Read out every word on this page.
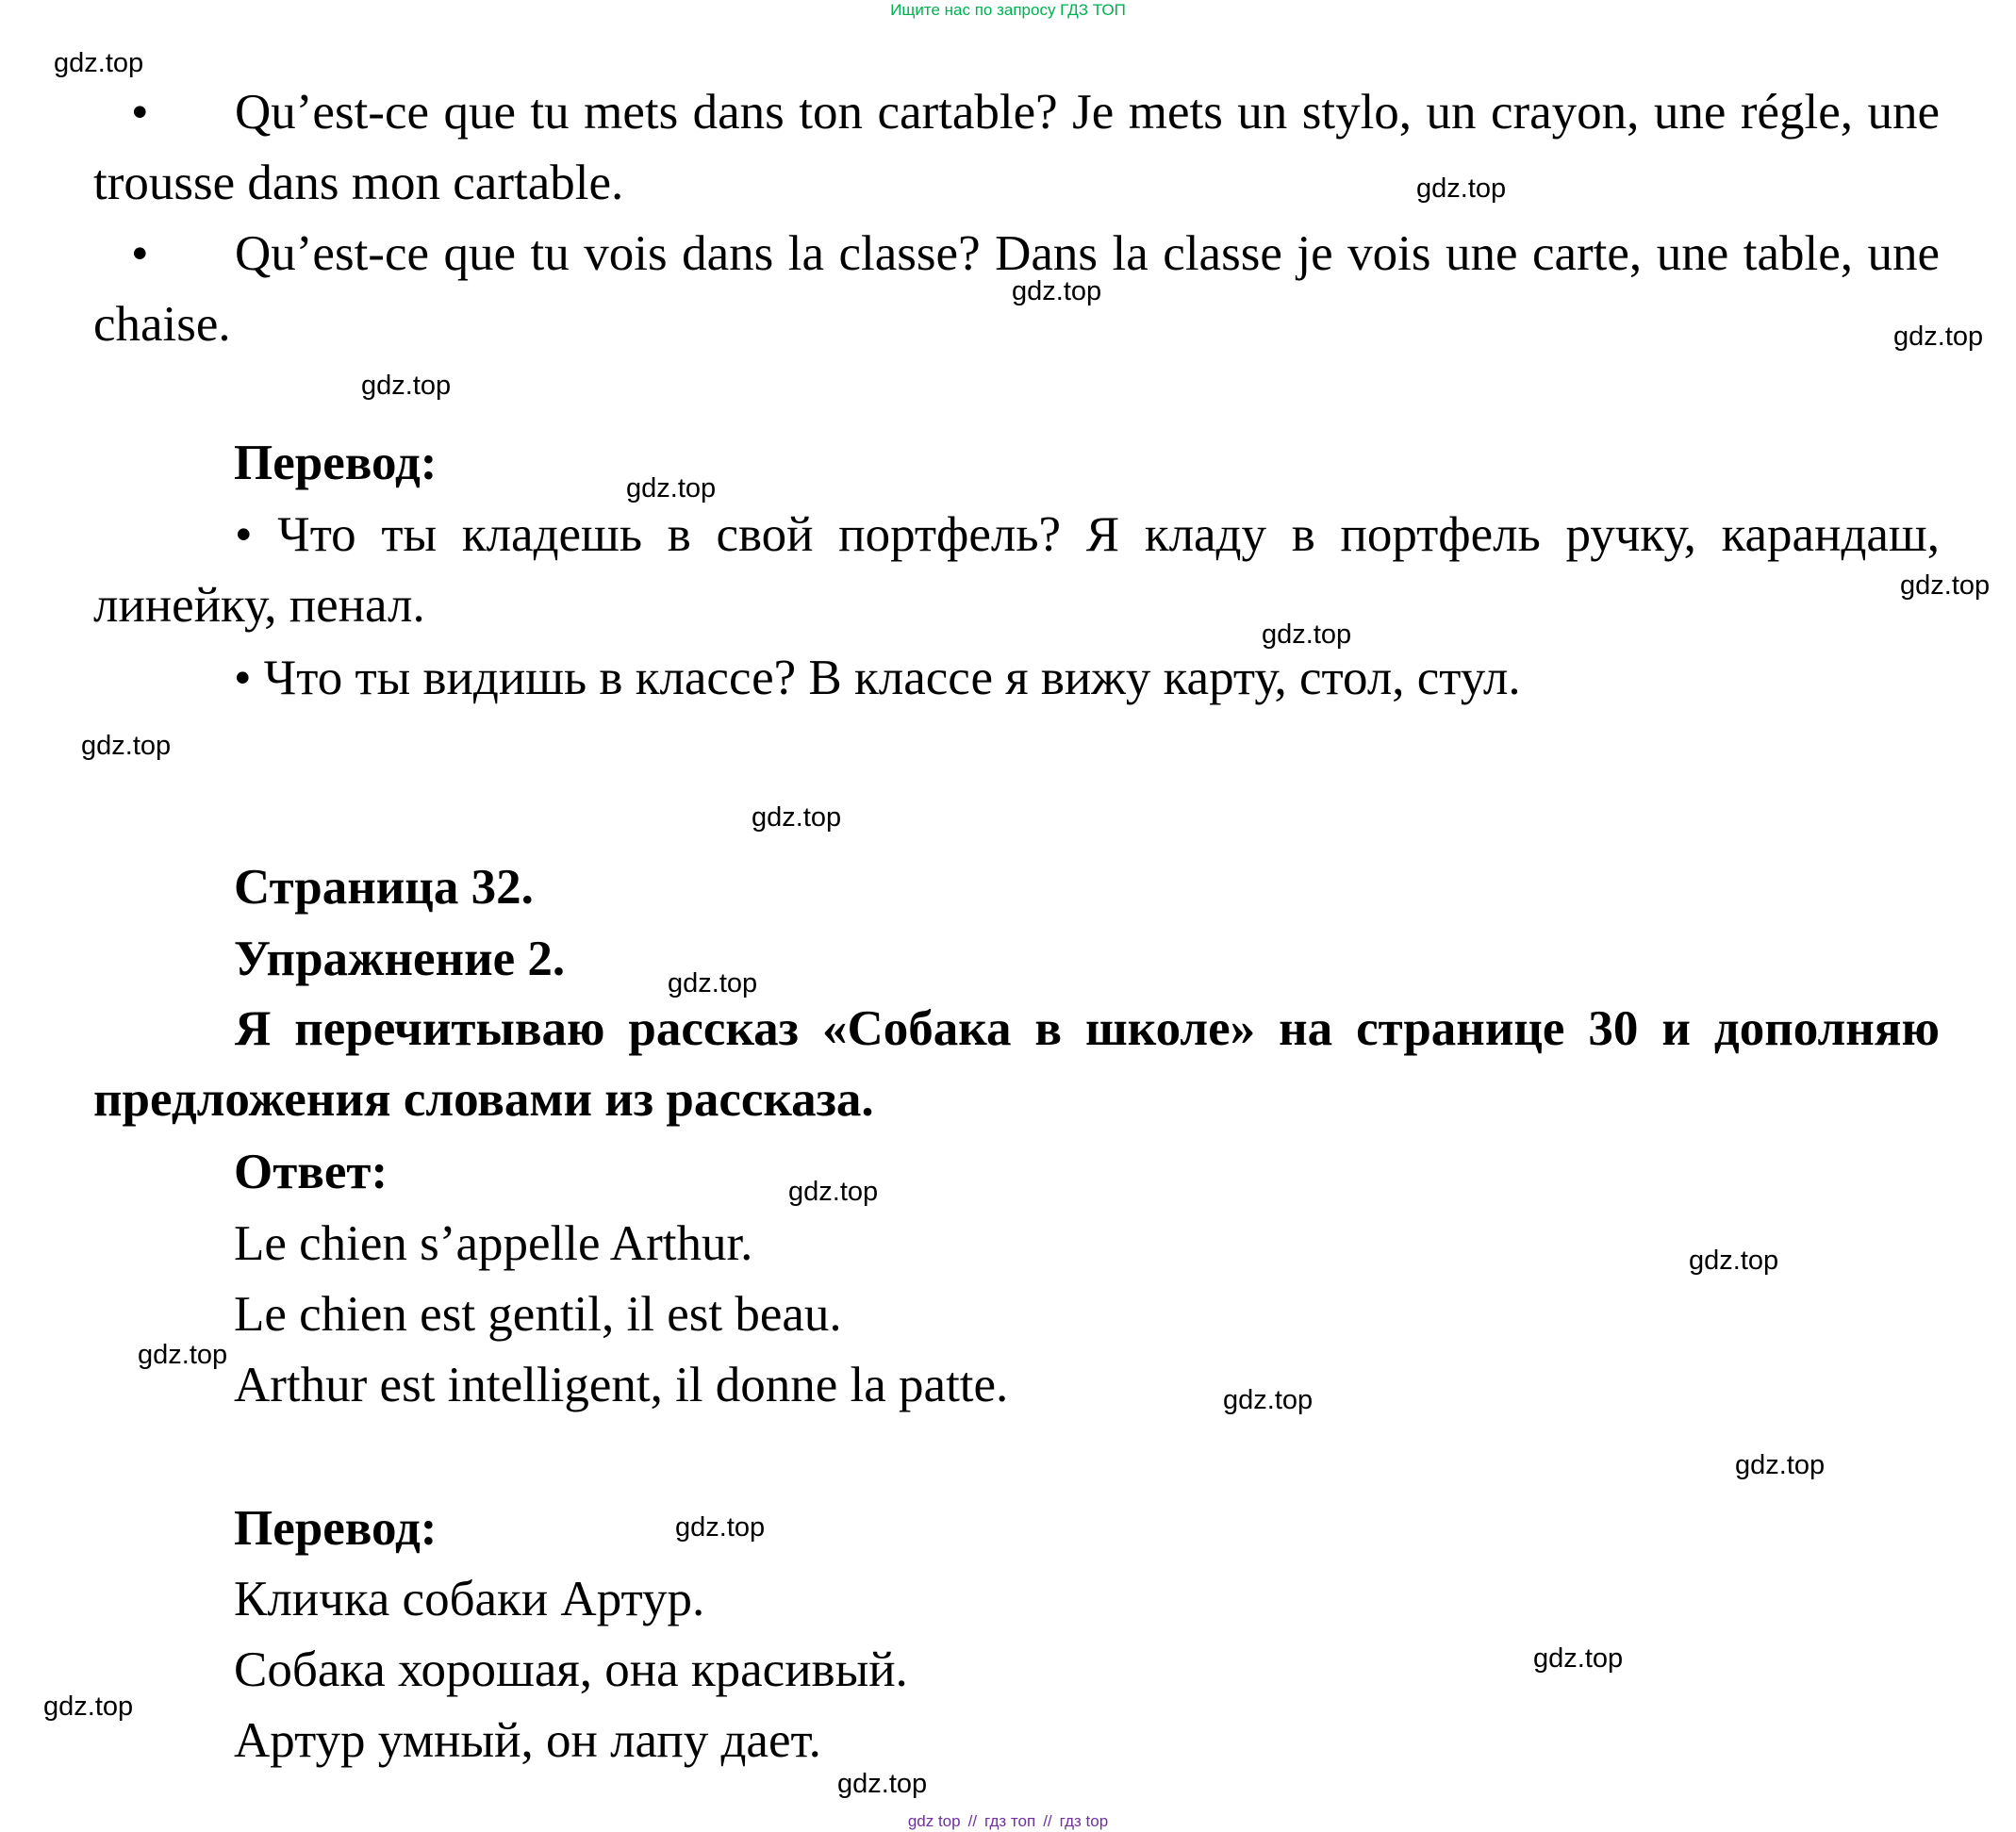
Ищите нас по запросу ГДЗ ТОП
• Qu’est-ce que tu mets dans ton cartable? Je mets un stylo, un crayon, une régle, une trousse dans mon cartable.
• Qu’est-ce que tu vois dans la classe? Dans la classe je vois une carte, une table, une chaise.
Перевод:
• Что ты кладешь в свой портфель? Я кладу в портфель ручку, карандаш, линейку, пенал.
• Что ты видишь в классе? В классе я вижу карту, стол, стул.
Страница 32.
Упражнение 2.
Я перечитываю рассказ «Собака в школе» на странице 30 и дополняю предложения словами из рассказа.
Ответ:
Le chien s’appelle Arthur.
Le chien est gentil, il est beau.
Arthur est intelligent, il donne la patte.
Перевод:
Кличка собаки Артур.
Собака хорошая, она красивый.
Артур умный, он лапу дает.
gdz.top
gdz.top
gdz.top
gdz.top
gdz.top
gdz.top
gdz.top
gdz.top
gdz.top
gdz.top
gdz.top
gdz.top
gdz.top
gdz.top
gdz.top
gdz.top
gdz.top
gdz.top
gdz.top
gdz.top
gdz top // гдз топ // гдз top
